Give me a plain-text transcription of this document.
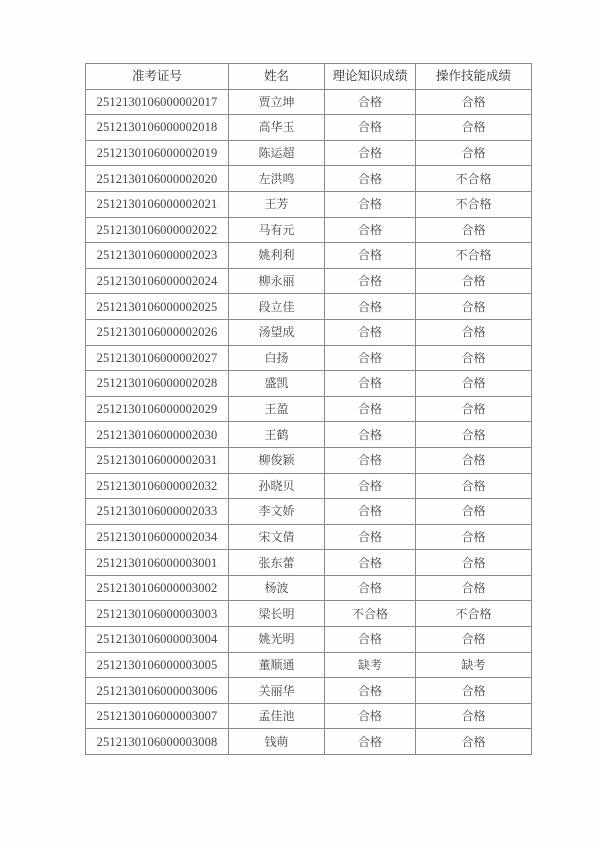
准考证号	姓名	理论知识成绩	操作技能成绩
2512130106000002017	贾立坤	合格	合格
2512130106000002018	高华玉	合格	合格
2512130106000002019	陈运超	合格	合格
2512130106000002020	左洪鸣	合格	不合格
2512130106000002021	王芳	合格	不合格
2512130106000002022	马有元	合格	合格
2512130106000002023	姚利利	合格	不合格
2512130106000002024	柳永丽	合格	合格
2512130106000002025	段立佳	合格	合格
2512130106000002026	汤望成	合格	合格
2512130106000002027	白扬	合格	合格
2512130106000002028	盛凯	合格	合格
2512130106000002029	王盈	合格	合格
2512130106000002030	王鹤	合格	合格
2512130106000002031	柳俊颖	合格	合格
2512130106000002032	孙晓贝	合格	合格
2512130106000002033	李文娇	合格	合格
2512130106000002034	宋文倩	合格	合格
2512130106000003001	张东蕾	合格	合格
2512130106000003002	杨波	合格	合格
2512130106000003003	梁长明	不合格	不合格
2512130106000003004	姚光明	合格	合格
2512130106000003005	董顺通	缺考	缺考
2512130106000003006	关丽华	合格	合格
2512130106000003007	孟佳池	合格	合格
2512130106000003008	钱萌	合格	合格
